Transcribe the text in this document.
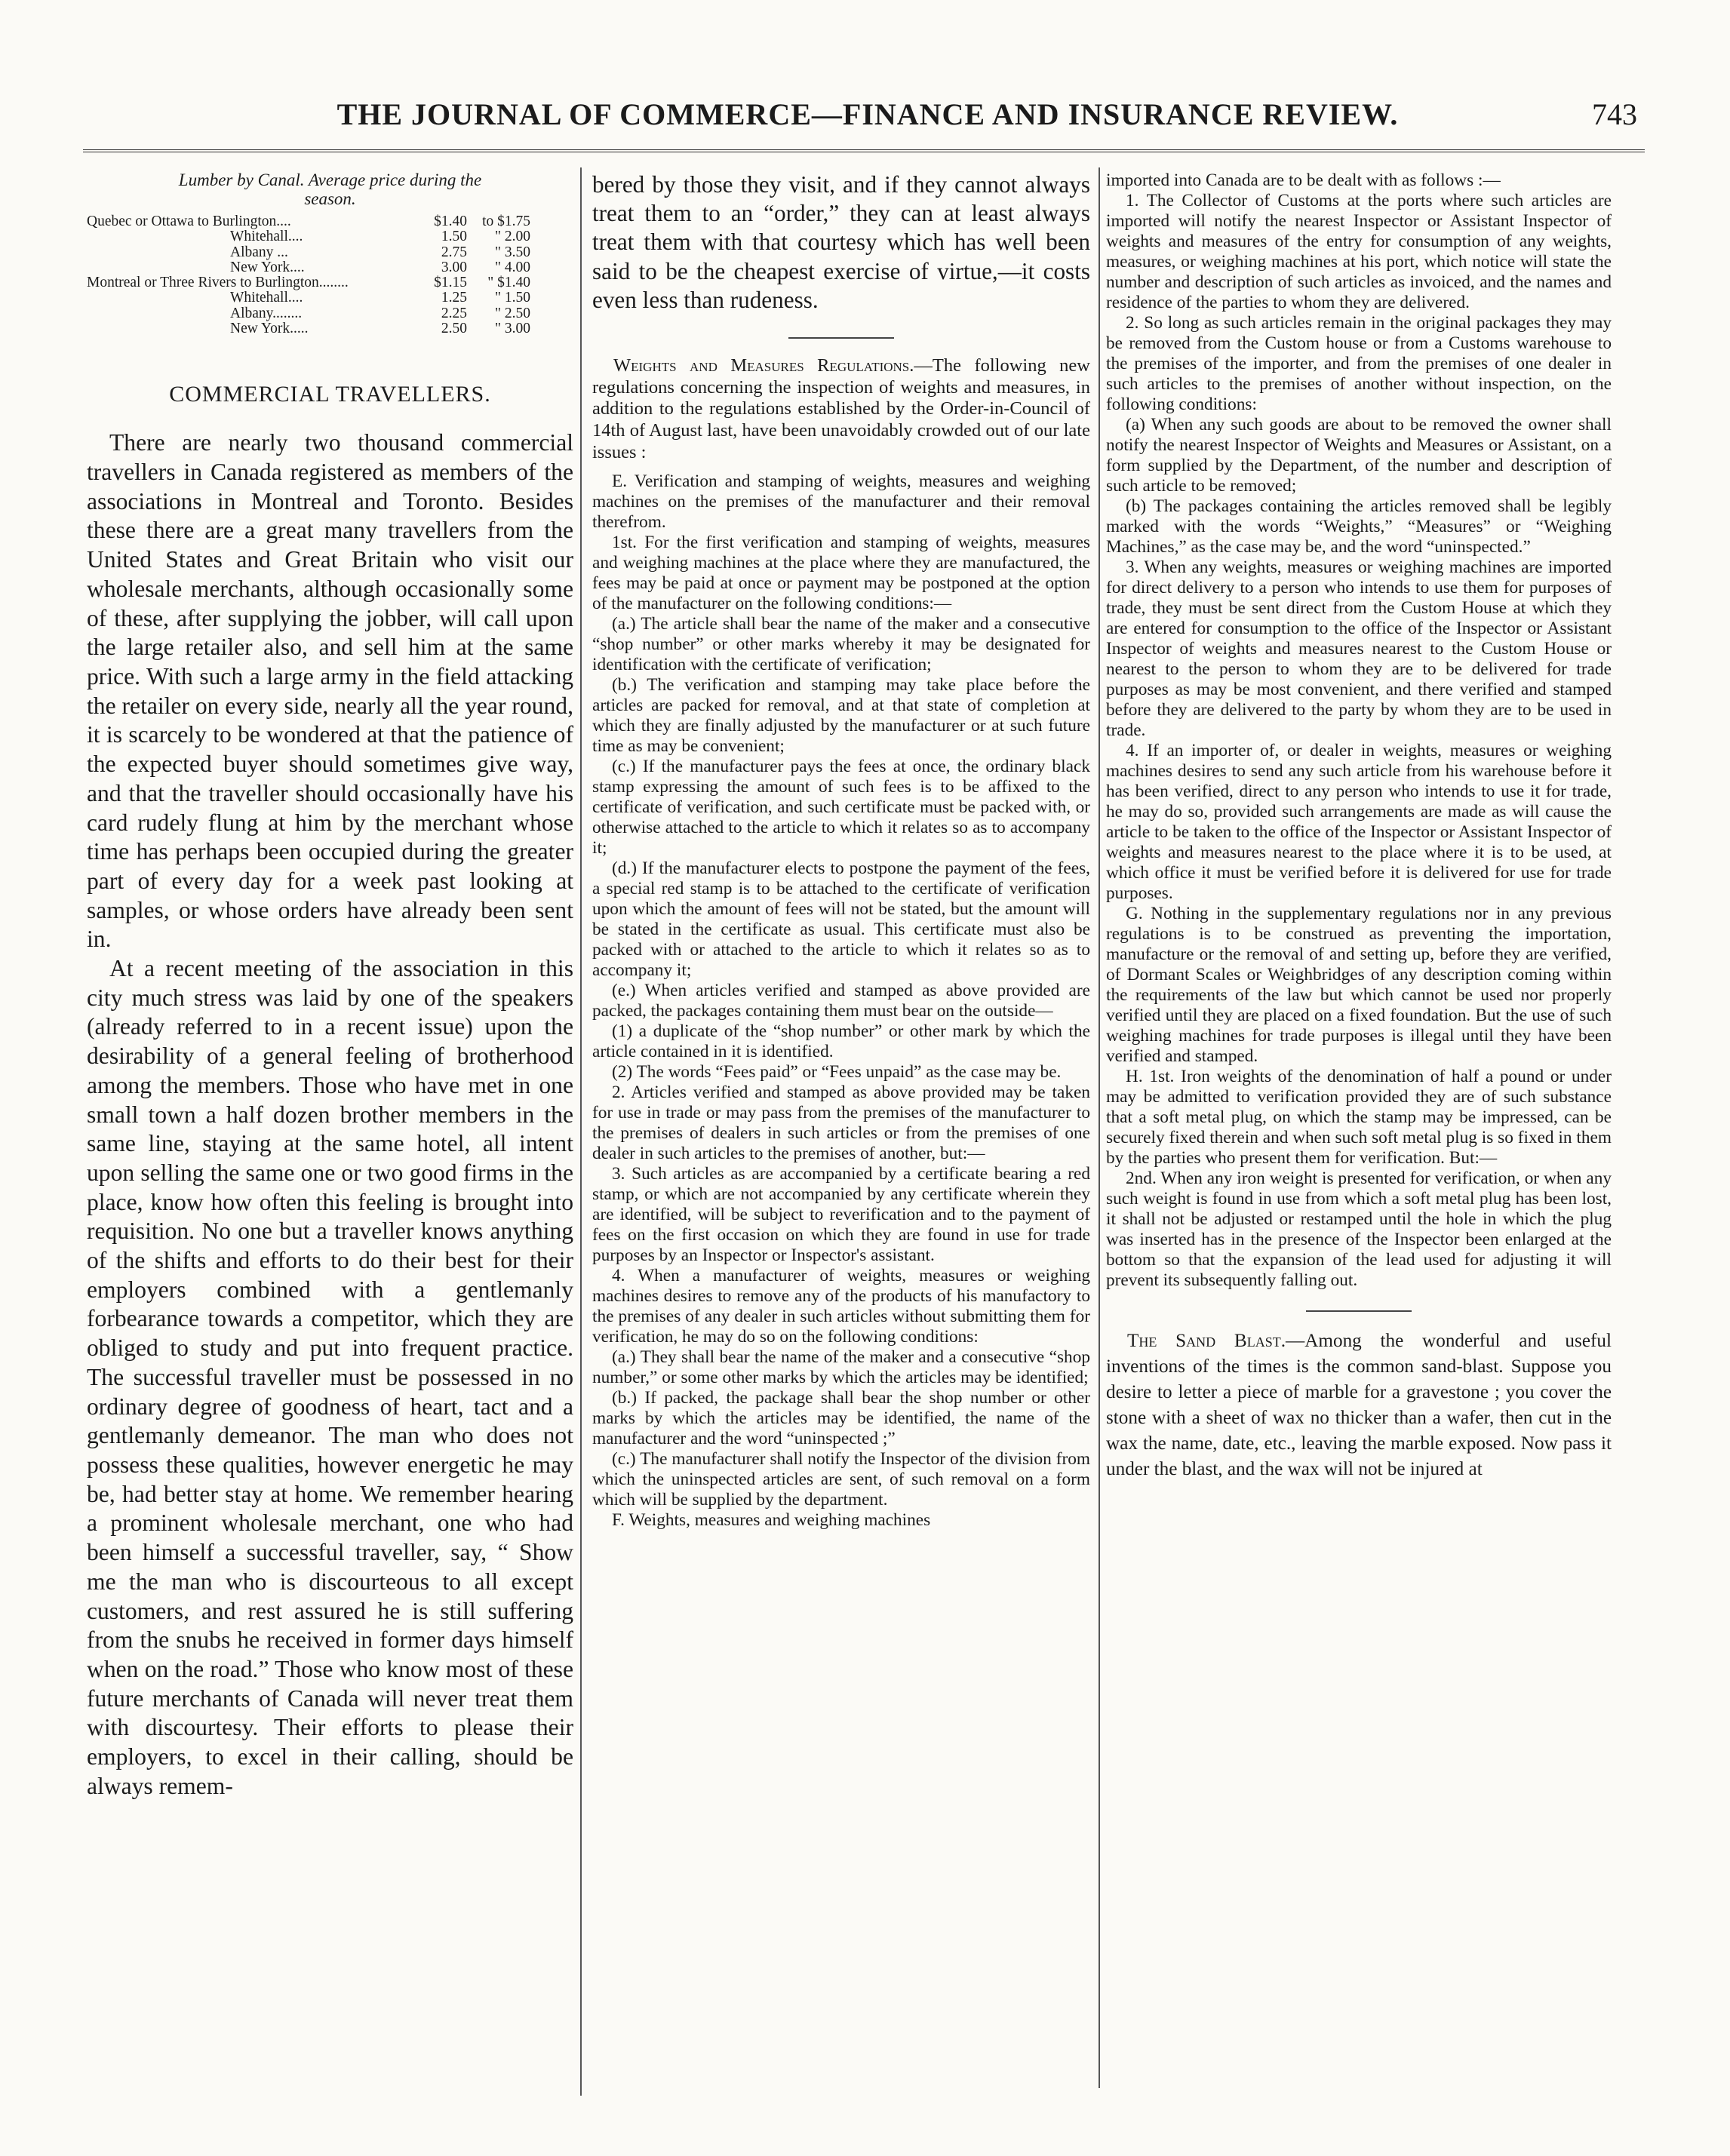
THE JOURNAL OF COMMERCE—FINANCE AND INSURANCE REVIEW.	743

Lumber by Canal. Average price during the
season.

Quebec or Ottawa to Burlington....	$1.40	to $1.75
Whitehall....	1.50	" 2.00
Albany ...	2.75	" 3.50
New York....	3.00	" 4.00
Montreal or Three Rivers to Burlington........	$1.15	" $1.40
Whitehall....	1.25	" 1.50
Albany........	2.25	" 2.50
New York.....	2.50	" 3.00

COMMERCIAL TRAVELLERS.

There are nearly two thousand commercial travellers in Canada registered as members of the associations in Montreal and Toronto. Besides these there are a great many travellers from the United States and Great Britain who visit our wholesale merchants, although occasionally some of these, after supplying the jobber, will call upon the large retailer also, and sell him at the same price. With such a large army in the field attacking the retailer on every side, nearly all the year round, it is scarcely to be wondered at that the patience of the expected buyer should sometimes give way, and that the traveller should occasionally have his card rudely flung at him by the merchant whose time has perhaps been occupied during the greater part of every day for a week past looking at samples, or whose orders have already been sent in.

At a recent meeting of the association in this city much stress was laid by one of the speakers (already referred to in a recent issue) upon the desirability of a general feeling of brotherhood among the members. Those who have met in one small town a half dozen brother members in the same line, staying at the same hotel, all intent upon selling the same one or two good firms in the place, know how often this feeling is brought into requisition. No one but a traveller knows anything of the shifts and efforts to do their best for their employers combined with a gentlemanly forbearance towards a competitor, which they are obliged to study and put into frequent practice. The successful traveller must be possessed in no ordinary degree of goodness of heart, tact and a gentlemanly demeanor. The man who does not possess these qualities, however energetic he may be, had better stay at home. We remember hearing a prominent wholesale merchant, one who had been himself a successful traveller, say, “ Show me the man who is discourteous to all except customers, and rest assured he is still suffering from the snubs he received in former days himself when on the road.” Those who know most of these future merchants of Canada will never treat them with discourtesy. Their efforts to please their employers, to excel in their calling, should be always remem-

bered by those they visit, and if they cannot always treat them to an “order,” they can at least always treat them with that courtesy which has well been said to be the cheapest exercise of virtue,—it costs even less than rudeness.

Weights and Measures Regulations.—The following new regulations concerning the inspection of weights and measures, in addition to the regulations established by the Order-in-Council of 14th of August last, have been unavoidably crowded out of our late issues :

E. Verification and stamping of weights, measures and weighing machines on the premises of the manufacturer and their removal therefrom.

1st. For the first verification and stamping of weights, measures and weighing machines at the place where they are manufactured, the fees may be paid at once or payment may be postponed at the option of the manufacturer on the following conditions:—

(a.) The article shall bear the name of the maker and a consecutive “shop number” or other marks whereby it may be designated for identification with the certificate of verification;

(b.) The verification and stamping may take place before the articles are packed for removal, and at that state of completion at which they are finally adjusted by the manufacturer or at such future time as may be convenient;

(c.) If the manufacturer pays the fees at once, the ordinary black stamp expressing the amount of such fees is to be affixed to the certificate of verification, and such certificate must be packed with, or otherwise attached to the article to which it relates so as to accompany it;

(d.) If the manufacturer elects to postpone the payment of the fees, a special red stamp is to be attached to the certificate of verification upon which the amount of fees will not be stated, but the amount will be stated in the certificate as usual. This certificate must also be packed with or attached to the article to which it relates so as to accompany it;

(e.) When articles verified and stamped as above provided are packed, the packages containing them must bear on the outside—

(1) a duplicate of the “shop number” or other mark by which the article contained in it is identified.

(2) The words “Fees paid” or “Fees unpaid” as the case may be.

2. Articles verified and stamped as above provided may be taken for use in trade or may pass from the premises of the manufacturer to the premises of dealers in such articles or from the premises of one dealer in such articles to the premises of another, but:—

3. Such articles as are accompanied by a certificate bearing a red stamp, or which are not accompanied by any certificate wherein they are identified, will be subject to reverification and to the payment of fees on the first occasion on which they are found in use for trade purposes by an Inspector or Inspector's assistant.

4. When a manufacturer of weights, measures or weighing machines desires to remove any of the products of his manufactory to the premises of any dealer in such articles without submitting them for verification, he may do so on the following conditions:

(a.) They shall bear the name of the maker and a consecutive “shop number,” or some other marks by which the articles may be identified;

(b.) If packed, the package shall bear the shop number or other marks by which the articles may be identified, the name of the manufacturer and the word “uninspected ;”

(c.) The manufacturer shall notify the Inspector of the division from which the uninspected articles are sent, of such removal on a form which will be supplied by the department.

F. Weights, measures and weighing machines

imported into Canada are to be dealt with as follows :—

1. The Collector of Customs at the ports where such articles are imported will notify the nearest Inspector or Assistant Inspector of weights and measures of the entry for consumption of any weights, measures, or weighing machines at his port, which notice will state the number and description of such articles as invoiced, and the names and residence of the parties to whom they are delivered.

2. So long as such articles remain in the original packages they may be removed from the Custom house or from a Customs warehouse to the premises of the importer, and from the premises of one dealer in such articles to the premises of another without inspection, on the following conditions:

(a) When any such goods are about to be removed the owner shall notify the nearest Inspector of Weights and Measures or Assistant, on a form supplied by the Department, of the number and description of such article to be removed;

(b) The packages containing the articles removed shall be legibly marked with the words “Weights,” “Measures” or “Weighing Machines,” as the case may be, and the word “uninspected.”

3. When any weights, measures or weighing machines are imported for direct delivery to a person who intends to use them for purposes of trade, they must be sent direct from the Custom House at which they are entered for consumption to the office of the Inspector or Assistant Inspector of weights and measures nearest to the Custom House or nearest to the person to whom they are to be delivered for trade purposes as may be most convenient, and there verified and stamped before they are delivered to the party by whom they are to be used in trade.

4. If an importer of, or dealer in weights, measures or weighing machines desires to send any such article from his warehouse before it has been verified, direct to any person who intends to use it for trade, he may do so, provided such arrangements are made as will cause the article to be taken to the office of the Inspector or Assistant Inspector of weights and measures nearest to the place where it is to be used, at which office it must be verified before it is delivered for use for trade purposes.

G. Nothing in the supplementary regulations nor in any previous regulations is to be construed as preventing the importation, manufacture or the removal of and setting up, before they are verified, of Dormant Scales or Weighbridges of any description coming within the requirements of the law but which cannot be used nor properly verified until they are placed on a fixed foundation. But the use of such weighing machines for trade purposes is illegal until they have been verified and stamped.

H. 1st. Iron weights of the denomination of half a pound or under may be admitted to verification provided they are of such substance that a soft metal plug, on which the stamp may be impressed, can be securely fixed therein and when such soft metal plug is so fixed in them by the parties who present them for verification. But:—

2nd. When any iron weight is presented for verification, or when any such weight is found in use from which a soft metal plug has been lost, it shall not be adjusted or restamped until the hole in which the plug was inserted has in the presence of the Inspector been enlarged at the bottom so that the expansion of the lead used for adjusting it will prevent its subsequently falling out.

The Sand Blast.—Among the wonderful and useful inventions of the times is the common sand-blast. Suppose you desire to letter a piece of marble for a gravestone ; you cover the stone with a sheet of wax no thicker than a wafer, then cut in the wax the name, date, etc., leaving the marble exposed. Now pass it under the blast, and the wax will not be injured at
